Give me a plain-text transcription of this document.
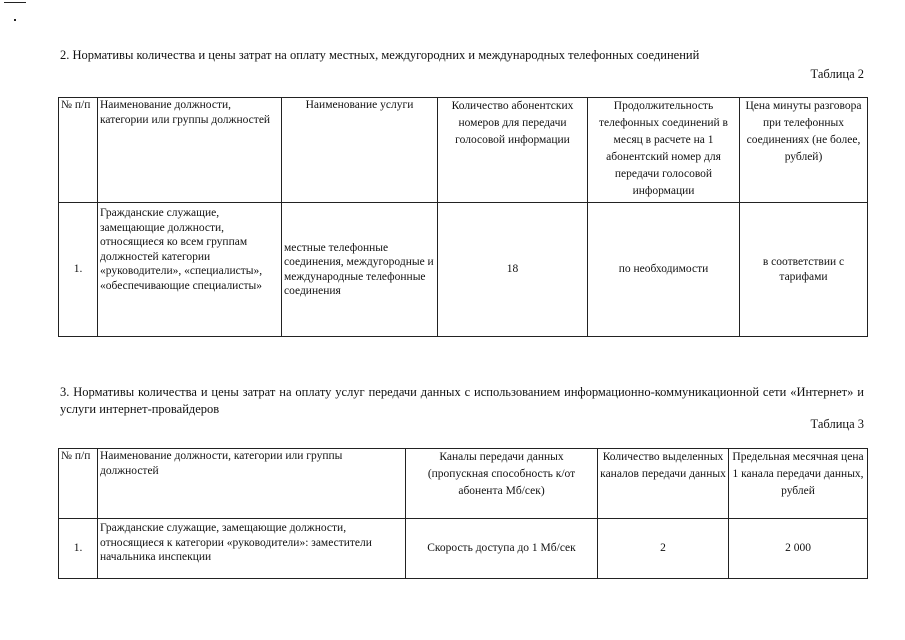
2. Нормативы количества и цены затрат на оплату местных, междугородних и международных телефонных соединений

Таблица 2

№ п/п	Наименование должности, категории или группы должностей	Наименование услуги	Количество абонентских номеров для передачи голосовой информации	Продолжительность телефонных соединений в месяц в расчете на 1 абонентский номер для передачи голосовой информации	Цена минуты разговора при телефонных соединениях (не более, рублей)
1.	Гражданские служащие, замещающие должности, относящиеся ко всем группам должностей категории «руководители», «специалисты», «обеспечивающие специалисты»	местные телефонные соединения, междугородные и международные телефонные соединения	18	по необходимости	в соответствии с тарифами

3. Нормативы количества и цены затрат на оплату услуг передачи данных с использованием информационно-коммуникационной сети «Интернет» и услуги интернет-провайдеров

Таблица 3

№ п/п	Наименование должности, категории или группы должностей	Каналы передачи данных (пропускная способность к/от абонента Мб/сек)	Количество выделенных каналов передачи данных	Предельная месячная цена 1 канала передачи данных, рублей
1.	Гражданские служащие, замещающие должности, относящиеся к категории «руководители»: заместители начальника инспекции	Скорость доступа до 1 Мб/сек	2	2 000
